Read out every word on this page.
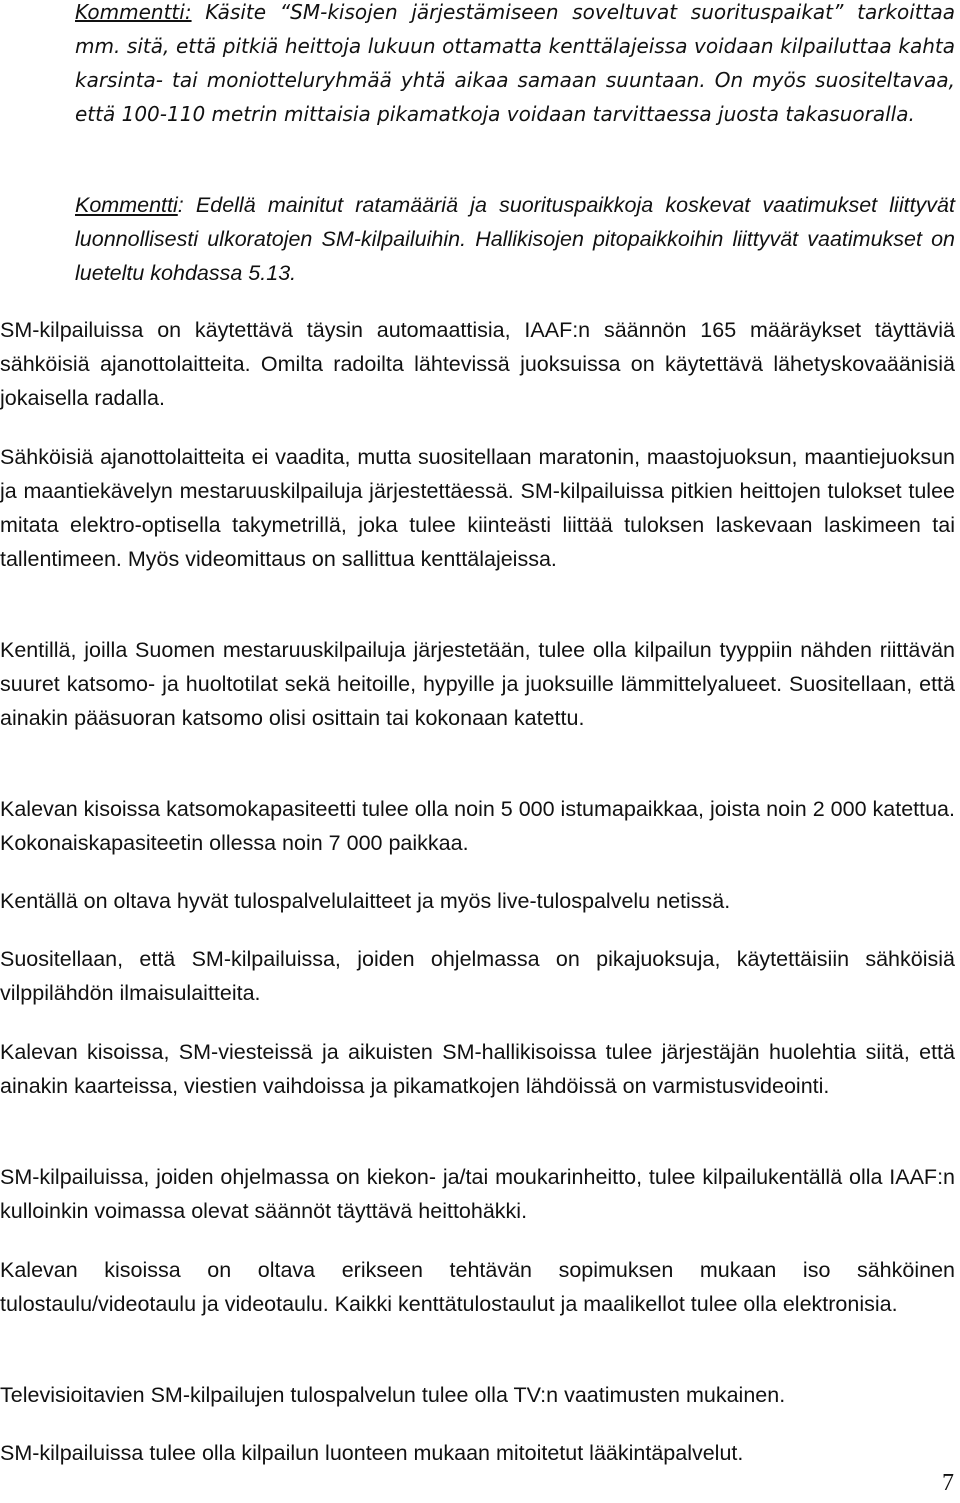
Kommentti: Käsite “SM-kisojen järjestämiseen soveltuvat suorituspaikat” tarkoittaa mm. sitä, että pitkiä heittoja lukuun ottamatta kenttälajeissa voidaan kilpailuttaa kahta karsinta- tai moniotteluryhmää yhtä aikaa samaan suuntaan. On myös suositeltavaa, että 100-110 metrin mittaisia pikamatkoja voidaan tarvittaessa juosta takasuoralla.

Kommentti: Edellä mainitut ratamääriä ja suorituspaikkoja koskevat vaatimukset liittyvät luonnollisesti ulkoratojen SM-kilpailuihin. Hallikisojen pitopaikkoihin liittyvät vaatimukset on lueteltu kohdassa 5.13.

SM-kilpailuissa on käytettävä täysin automaattisia, IAAF:n säännön 165 määräykset täyttäviä sähköisiä ajanottolaitteita. Omilta radoilta lähtevissä juoksuissa on käytettävä lähetyskovaäänisiä jokaisella radalla.

Sähköisiä ajanottolaitteita ei vaadita, mutta suositellaan maratonin, maastojuoksun, maantiejuoksun ja maantiekävelyn mestaruuskilpailuja järjestettäessä. SM-kilpailuissa pitkien heittojen tulokset tulee mitata elektro-optisella takymetrillä, joka tulee kiinteästi liittää tuloksen laskevaan laskimeen tai tallentimeen. Myös videomittaus on sallittua kenttälajeissa.

Kentillä, joilla Suomen mestaruuskilpailuja järjestetään, tulee olla kilpailun tyyppiin nähden riittävän suuret katsomo- ja huoltotilat sekä heitoille, hypyille ja juoksuille lämmittelyalueet. Suositellaan, että ainakin pääsuoran katsomo olisi osittain tai kokonaan katettu.

Kalevan kisoissa katsomokapasiteetti tulee olla noin 5 000 istumapaikkaa, joista noin 2 000 katettua. Kokonaiskapasiteetin ollessa noin 7 000 paikkaa.

Kentällä on oltava hyvät tulospalvelulaitteet ja myös live-tulospalvelu netissä.

Suositellaan, että SM-kilpailuissa, joiden ohjelmassa on pikajuoksuja, käytettäisiin sähköisiä vilppilähdön ilmaisulaitteita.

Kalevan kisoissa, SM-viesteissä ja aikuisten SM-hallikisoissa tulee järjestäjän huolehtia siitä, että ainakin kaarteissa, viestien vaihdoissa ja pikamatkojen lähdöissä on varmistusvideointi.

SM-kilpailuissa, joiden ohjelmassa on kiekon- ja/tai moukarinheitto, tulee kilpailukentällä olla IAAF:n kulloinkin voimassa olevat säännöt täyttävä heittohäkki.

Kalevan kisoissa on oltava erikseen tehtävän sopimuksen mukaan iso sähköinen tulostaulu/videotaulu ja videotaulu. Kaikki kenttätulostaulut ja maalikellot tulee olla elektronisia.

Televisioitavien SM-kilpailujen tulospalvelun tulee olla TV:n vaatimusten mukainen.

SM-kilpailuissa tulee olla kilpailun luonteen mukaan mitoitetut lääkintäpalvelut.

7
